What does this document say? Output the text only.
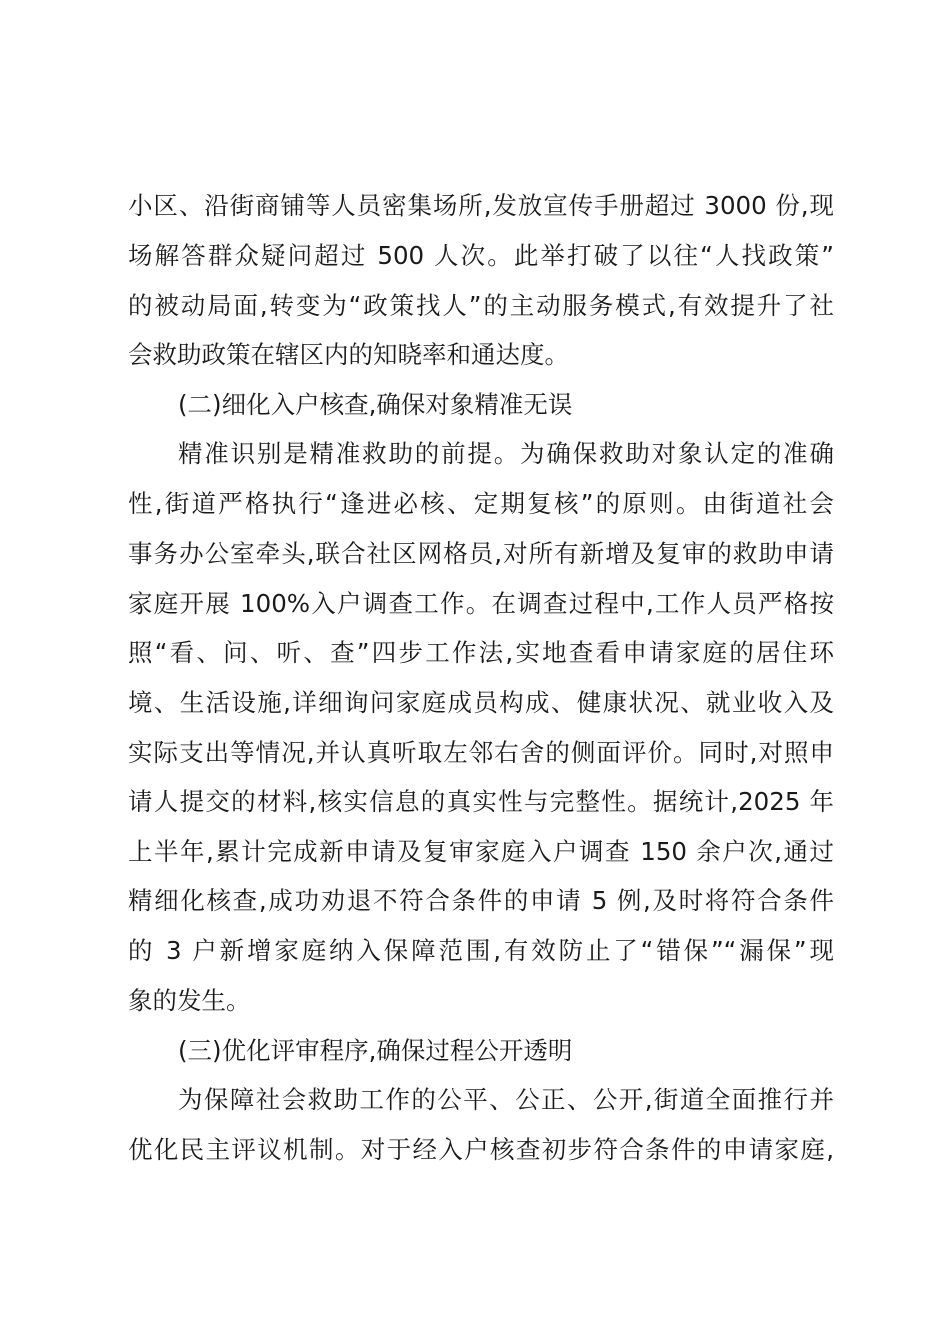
小区、沿街商铺等人员密集场所,发放宣传手册超过 3000 份,现
场解答群众疑问超过 500 人次。此举打破了以往“人找政策”
的被动局面,转变为“政策找人”的主动服务模式,有效提升了社
会救助政策在辖区内的知晓率和通达度。
(二)细化入户核查,确保对象精准无误
精准识别是精准救助的前提。为确保救助对象认定的准确
性,街道严格执行“逢进必核、定期复核”的原则。由街道社会
事务办公室牵头,联合社区网格员,对所有新增及复审的救助申请
家庭开展 100%入户调查工作。在调查过程中,工作人员严格按
照“看、问、听、查”四步工作法,实地查看申请家庭的居住环
境、生活设施,详细询问家庭成员构成、健康状况、就业收入及
实际支出等情况,并认真听取左邻右舍的侧面评价。同时,对照申
请人提交的材料,核实信息的真实性与完整性。据统计,2025 年
上半年,累计完成新申请及复审家庭入户调查 150 余户次,通过
精细化核查,成功劝退不符合条件的申请 5 例,及时将符合条件
的 3 户新增家庭纳入保障范围,有效防止了“错保”“漏保”现
象的发生。
(三)优化评审程序,确保过程公开透明
为保障社会救助工作的公平、公正、公开,街道全面推行并
优化民主评议机制。对于经入户核查初步符合条件的申请家庭,
